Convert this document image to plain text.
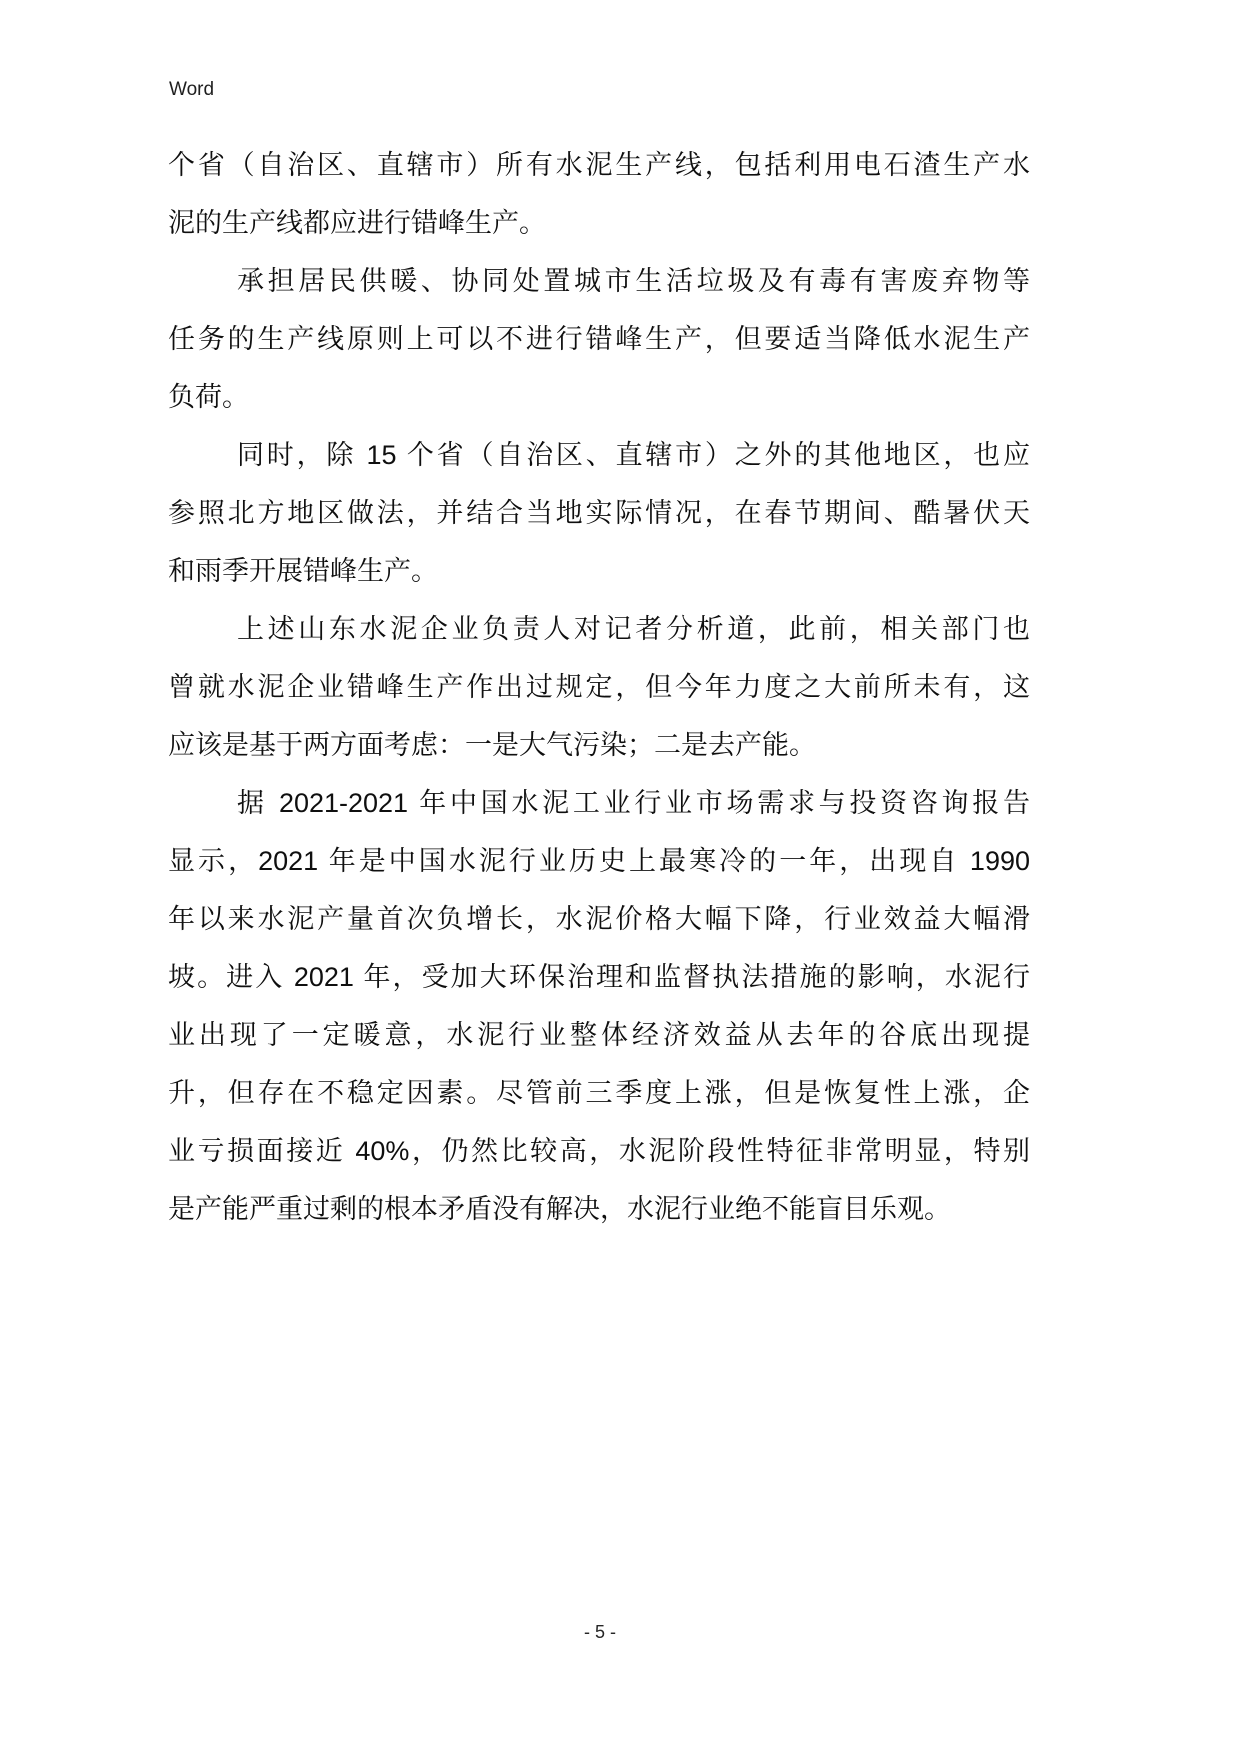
Word
个省（自治区、直辖市）所有水泥生产线，包括利用电石渣生产水
泥的生产线都应进行错峰生产。
承担居民供暖、协同处置城市生活垃圾及有毒有害废弃物等
任务的生产线原则上可以不进行错峰生产，但要适当降低水泥生产
负荷。
同时，除 15 个省（自治区、直辖市）之外的其他地区，也应
参照北方地区做法，并结合当地实际情况，在春节期间、酷暑伏天
和雨季开展错峰生产。
上述山东水泥企业负责人对记者分析道，此前，相关部门也
曾就水泥企业错峰生产作出过规定，但今年力度之大前所未有，这
应该是基于两方面考虑：一是大气污染；二是去产能。
据 2021-2021 年中国水泥工业行业市场需求与投资咨询报告
显示，2021 年是中国水泥行业历史上最寒冷的一年，出现自 1990
年以来水泥产量首次负增长，水泥价格大幅下降，行业效益大幅滑
坡。进入 2021 年，受加大环保治理和监督执法措施的影响，水泥行
业出现了一定暖意，水泥行业整体经济效益从去年的谷底出现提
升，但存在不稳定因素。尽管前三季度上涨，但是恢复性上涨，企
业亏损面接近 40%，仍然比较高，水泥阶段性特征非常明显，特别
是产能严重过剩的根本矛盾没有解决，水泥行业绝不能盲目乐观。
- 5 -
